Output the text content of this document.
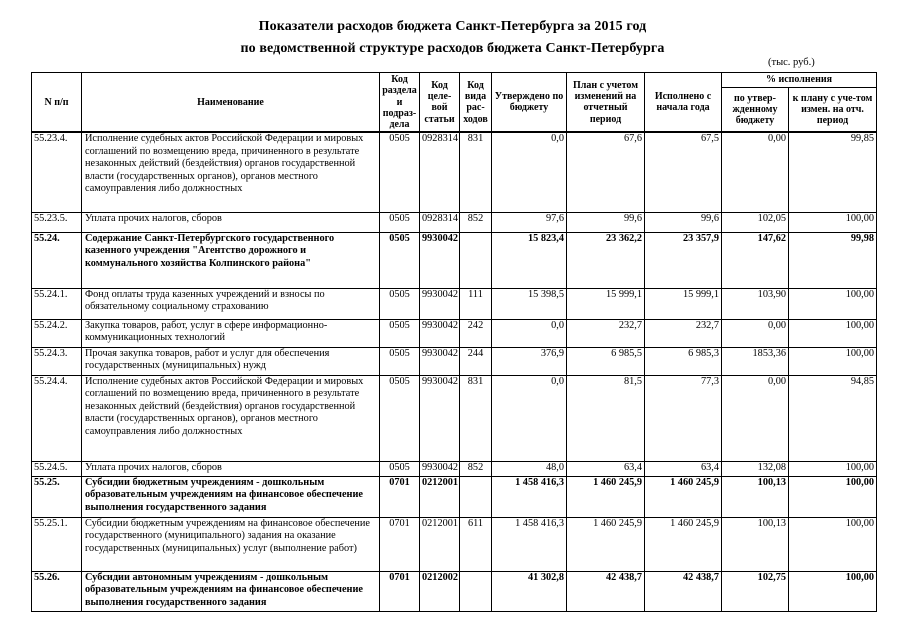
Показатели расходов бюджета Санкт-Петербурга за 2015 год
по ведомственной структуре расходов бюджета Санкт-Петербурга
(тыс. руб.)
N п/п	Наименование	Код раздела и подраз-дела	Код целе-вой статьи	Код вида рас-ходов	Утверждено по бюджету	План с учетом изменений на отчетный период	Исполнено с начала года	% исполнения	
								по утвер-жденному бюджету	к плану с уче-том измен. на отч. период
55.23.4.	Исполнение судебных актов Российской Федерации и мировых соглашений по возмещению вреда, причиненного в результате незаконных действий (бездействия) органов государственной власти (государственных органов), органов местного самоуправления либо должностных	0505	0928314	831	0,0	67,6	67,5	0,00	99,85
55.23.5.	Уплата прочих налогов, сборов	0505	0928314	852	97,6	99,6	99,6	102,05	100,00
55.24.	Содержание Санкт-Петербургского государственного казенного учреждения "Агентство дорожного и коммунального хозяйства Колпинского района"	0505	9930042		15 823,4	23 362,2	23 357,9	147,62	99,98
55.24.1.	Фонд оплаты труда казенных учреждений и взносы по обязательному социальному страхованию	0505	9930042	111	15 398,5	15 999,1	15 999,1	103,90	100,00
55.24.2.	Закупка товаров, работ, услуг в сфере информационно-коммуникационных технологий	0505	9930042	242	0,0	232,7	232,7	0,00	100,00
55.24.3.	Прочая закупка товаров, работ и услуг для обеспечения государственных (муниципальных) нужд	0505	9930042	244	376,9	6 985,5	6 985,3	1853,36	100,00
55.24.4.	Исполнение судебных актов Российской Федерации и мировых соглашений по возмещению вреда, причиненного в результате незаконных действий (бездействия) органов государственной власти (государственных органов), органов местного самоуправления либо должностных	0505	9930042	831	0,0	81,5	77,3	0,00	94,85
55.24.5.	Уплата прочих налогов, сборов	0505	9930042	852	48,0	63,4	63,4	132,08	100,00
55.25.	Субсидии бюджетным учреждениям - дошкольным образовательным учреждениям на финансовое обеспечение выполнения государственного задания	0701	0212001		1 458 416,3	1 460 245,9	1 460 245,9	100,13	100,00
55.25.1.	Субсидии бюджетным учреждениям на финансовое обеспечение государственного (муниципального) задания на оказание государственных (муниципальных) услуг (выполнение работ)	0701	0212001	611	1 458 416,3	1 460 245,9	1 460 245,9	100,13	100,00
55.26.	Субсидии автономным учреждениям - дошкольным образовательным учреждениям на финансовое обеспечение выполнения государственного задания	0701	0212002		41 302,8	42 438,7	42 438,7	102,75	100,00
